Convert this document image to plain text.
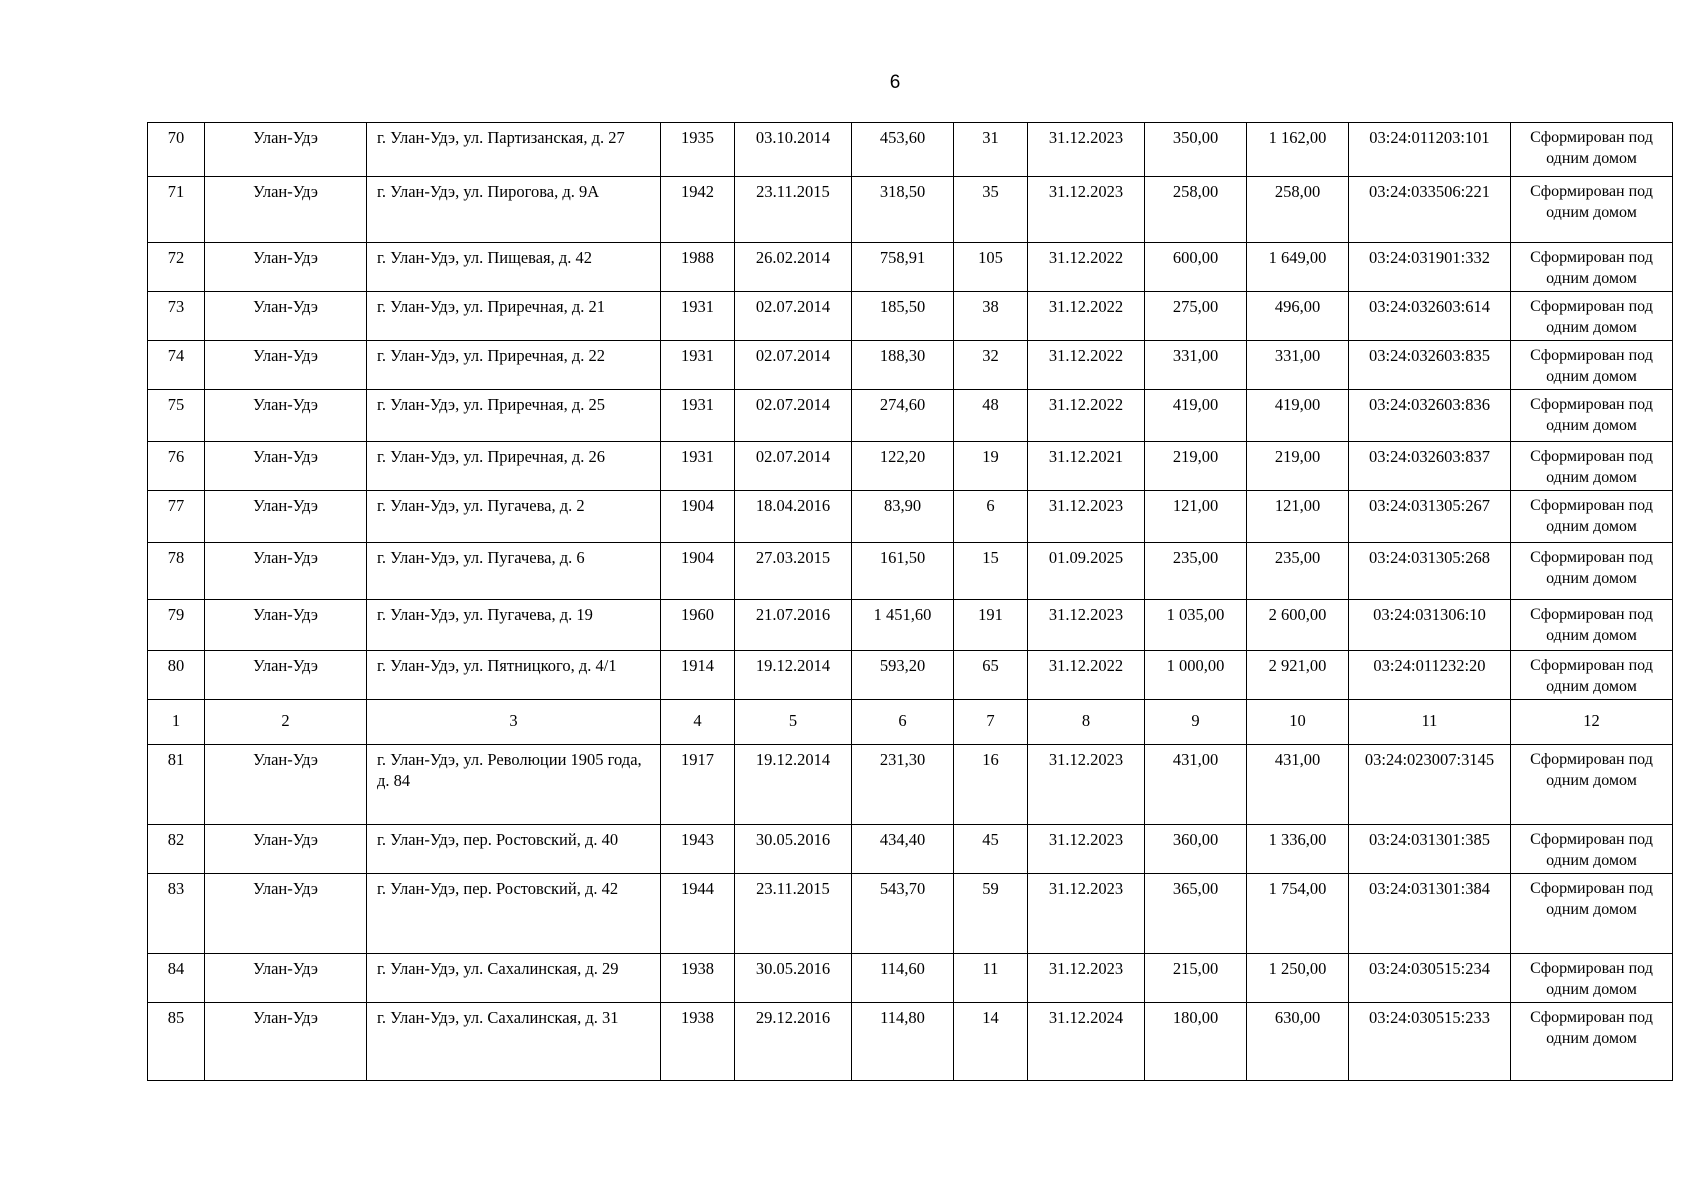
6
70	Улан-Удэ	г. Улан-Удэ, ул. Партизанская, д. 27	1935	03.10.2014	453,60	31	31.12.2023	350,00	1 162,00	03:24:011203:101	Сформирован под одним домом
71	Улан-Удэ	г. Улан-Удэ, ул. Пирогова, д. 9А	1942	23.11.2015	318,50	35	31.12.2023	258,00	258,00	03:24:033506:221	Сформирован под одним домом
72	Улан-Удэ	г. Улан-Удэ, ул. Пищевая, д. 42	1988	26.02.2014	758,91	105	31.12.2022	600,00	1 649,00	03:24:031901:332	Сформирован под одним домом
73	Улан-Удэ	г. Улан-Удэ, ул. Приречная, д. 21	1931	02.07.2014	185,50	38	31.12.2022	275,00	496,00	03:24:032603:614	Сформирован под одним домом
74	Улан-Удэ	г. Улан-Удэ, ул. Приречная, д. 22	1931	02.07.2014	188,30	32	31.12.2022	331,00	331,00	03:24:032603:835	Сформирован под одним домом
75	Улан-Удэ	г. Улан-Удэ, ул. Приречная, д. 25	1931	02.07.2014	274,60	48	31.12.2022	419,00	419,00	03:24:032603:836	Сформирован под одним домом
76	Улан-Удэ	г. Улан-Удэ, ул. Приречная, д. 26	1931	02.07.2014	122,20	19	31.12.2021	219,00	219,00	03:24:032603:837	Сформирован под одним домом
77	Улан-Удэ	г. Улан-Удэ, ул. Пугачева, д. 2	1904	18.04.2016	83,90	6	31.12.2023	121,00	121,00	03:24:031305:267	Сформирован под одним домом
78	Улан-Удэ	г. Улан-Удэ, ул. Пугачева, д. 6	1904	27.03.2015	161,50	15	01.09.2025	235,00	235,00	03:24:031305:268	Сформирован под одним домом
79	Улан-Удэ	г. Улан-Удэ, ул. Пугачева, д. 19	1960	21.07.2016	1 451,60	191	31.12.2023	1 035,00	2 600,00	03:24:031306:10	Сформирован под одним домом
80	Улан-Удэ	г. Улан-Удэ, ул. Пятницкого, д. 4/1	1914	19.12.2014	593,20	65	31.12.2022	1 000,00	2 921,00	03:24:011232:20	Сформирован под одним домом
1	2	3	4	5	6	7	8	9	10	11	12
81	Улан-Удэ	г. Улан-Удэ, ул. Революции 1905 года, д. 84	1917	19.12.2014	231,30	16	31.12.2023	431,00	431,00	03:24:023007:3145	Сформирован под одним домом
82	Улан-Удэ	г. Улан-Удэ, пер. Ростовский, д. 40	1943	30.05.2016	434,40	45	31.12.2023	360,00	1 336,00	03:24:031301:385	Сформирован под одним домом
83	Улан-Удэ	г. Улан-Удэ, пер. Ростовский, д. 42	1944	23.11.2015	543,70	59	31.12.2023	365,00	1 754,00	03:24:031301:384	Сформирован под одним домом
84	Улан-Удэ	г. Улан-Удэ, ул. Сахалинская, д. 29	1938	30.05.2016	114,60	11	31.12.2023	215,00	1 250,00	03:24:030515:234	Сформирован под одним домом
85	Улан-Удэ	г. Улан-Удэ, ул. Сахалинская, д. 31	1938	29.12.2016	114,80	14	31.12.2024	180,00	630,00	03:24:030515:233	Сформирован под одним домом
